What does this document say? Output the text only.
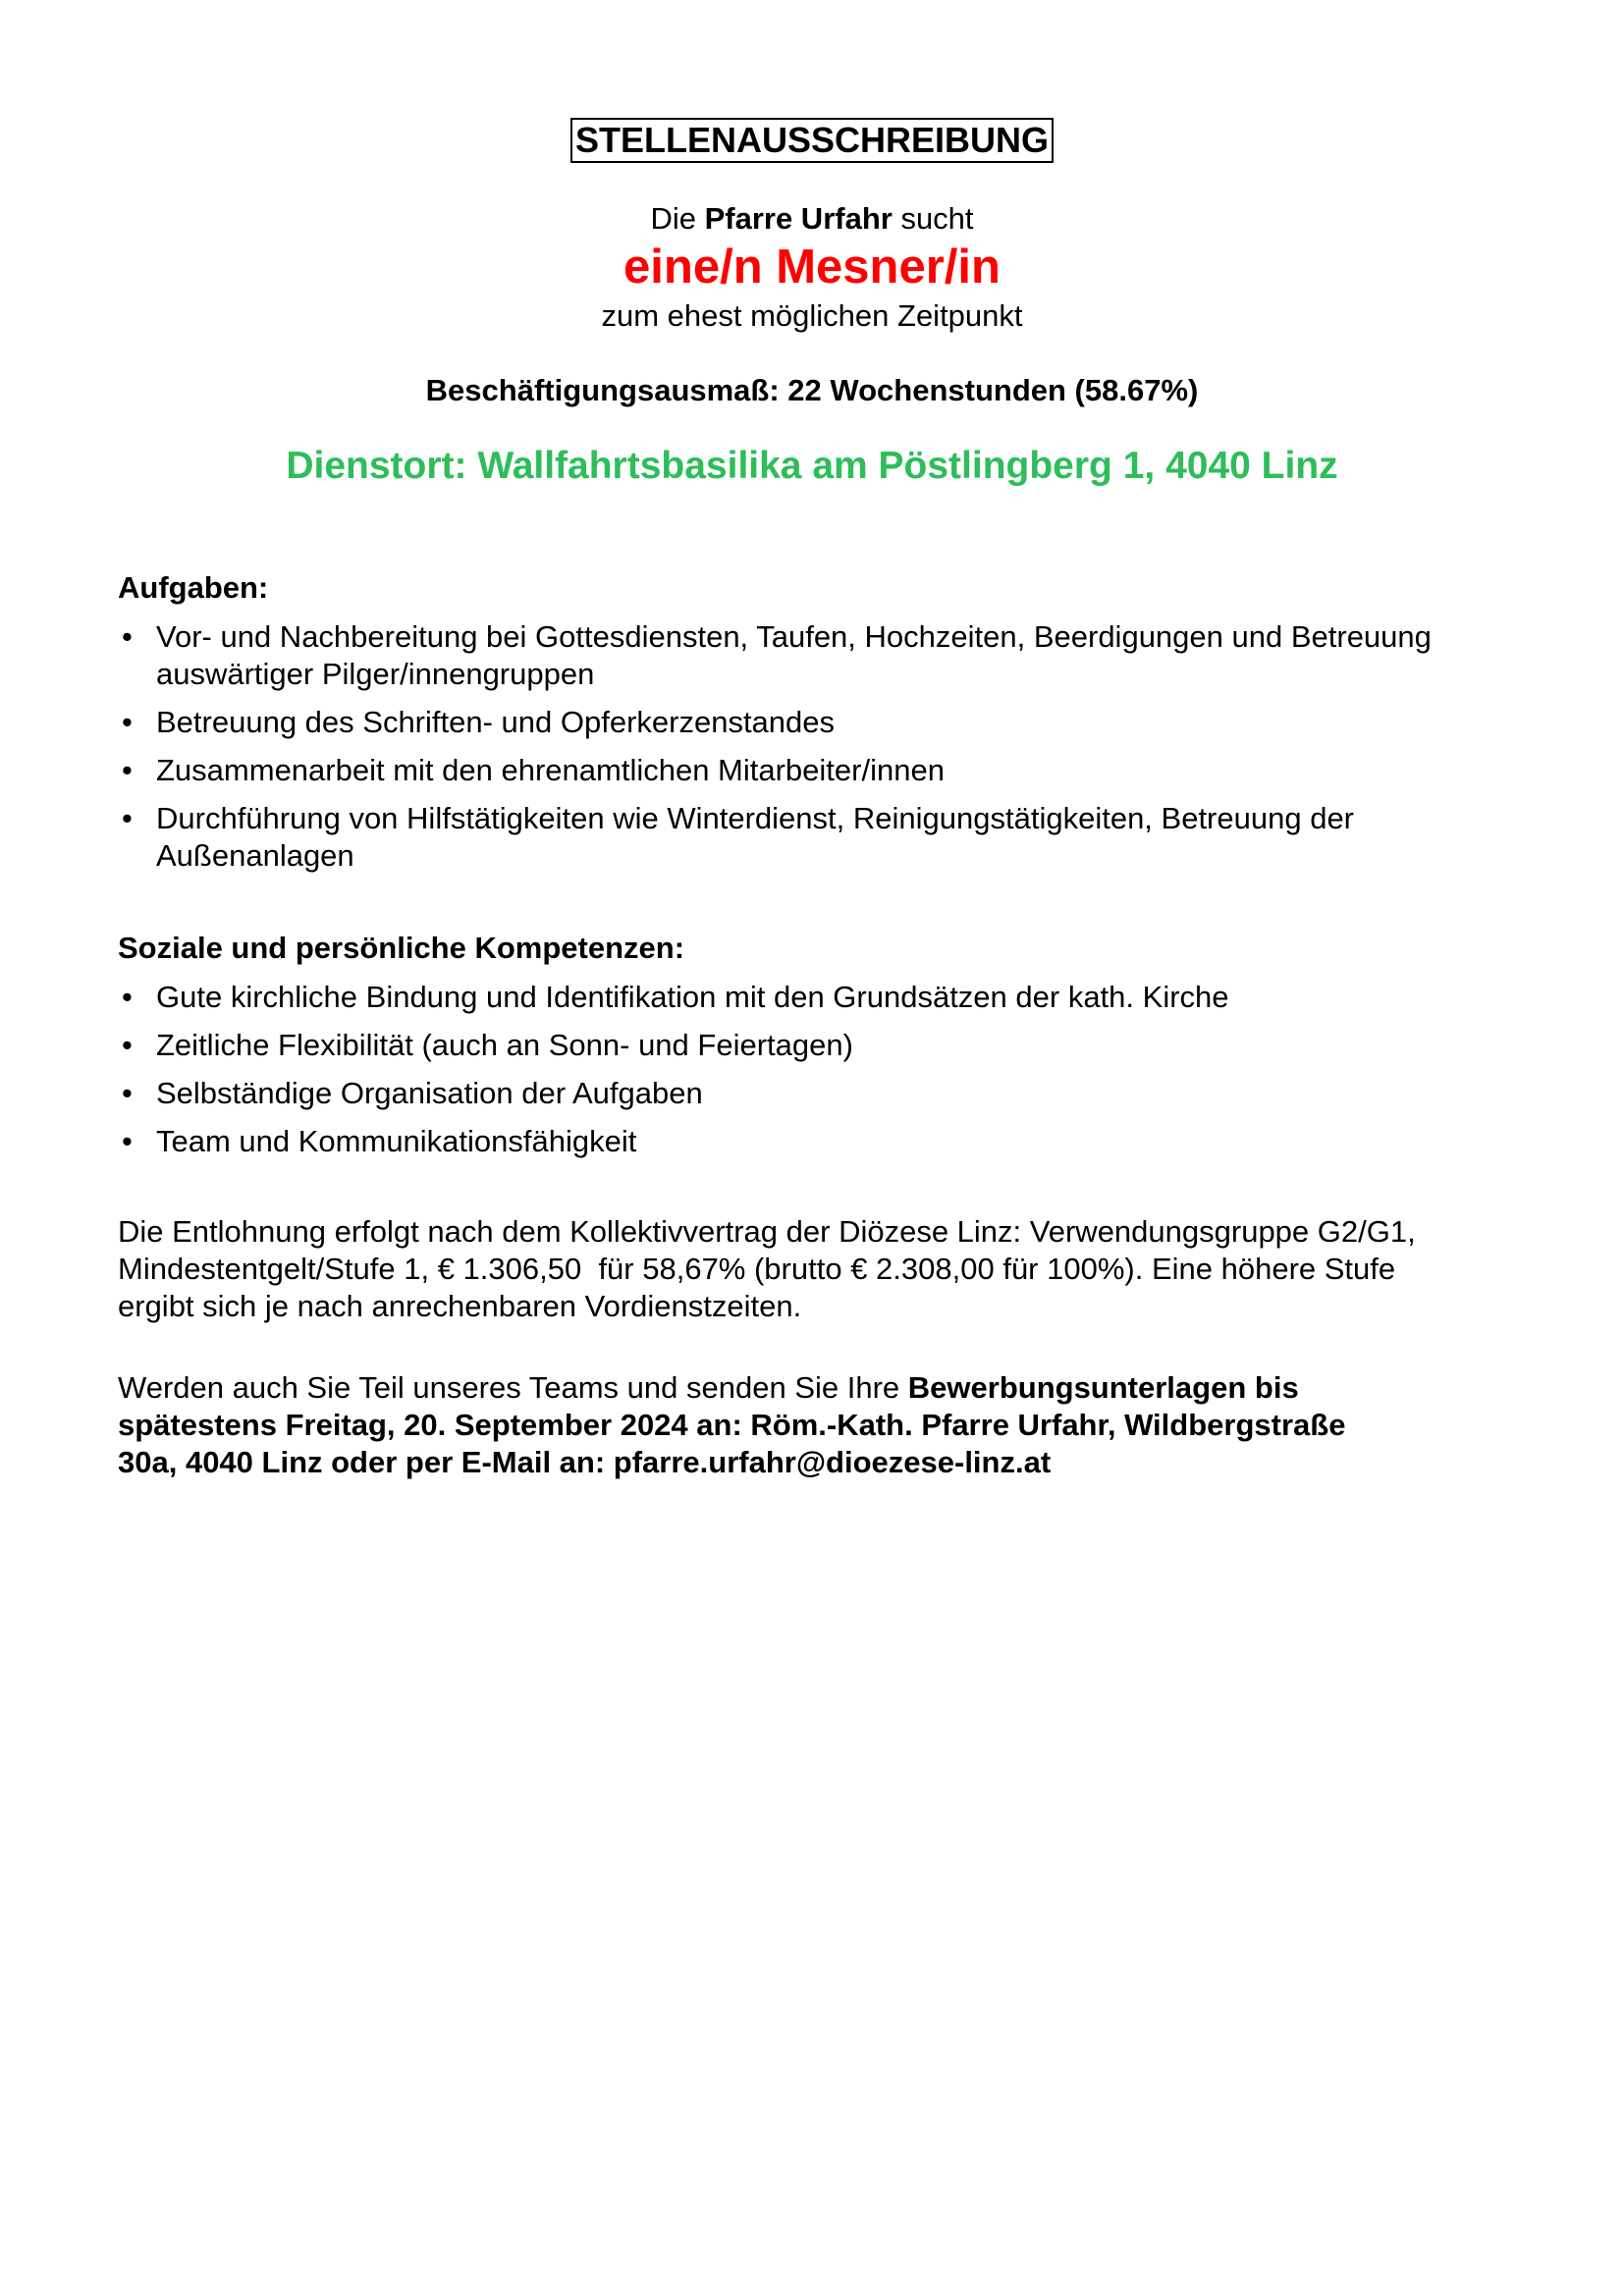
STELLENAUSSCHREIBUNG
Die Pfarre Urfahr sucht
eine/n Mesner/in
zum ehest möglichen Zeitpunkt
Beschäftigungsausmaß: 22 Wochenstunden (58.67%)
Dienstort: Wallfahrtsbasilika am Pöstlingberg 1, 4040 Linz

Aufgaben:

• Vor- und Nachbereitung bei Gottesdiensten, Taufen, Hochzeiten, Beerdigungen und Betreuung auswärtiger Pilger/innengruppen
• Betreuung des Schriften- und Opferkerzenstandes
• Zusammenarbeit mit den ehrenamtlichen Mitarbeiter/innen
• Durchführung von Hilfstätigkeiten wie Winterdienst, Reinigungstätigkeiten, Betreuung der Außenanlagen

Soziale und persönliche Kompetenzen:

• Gute kirchliche Bindung und Identifikation mit den Grundsätzen der kath. Kirche
• Zeitliche Flexibilität (auch an Sonn- und Feiertagen)
• Selbständige Organisation der Aufgaben
• Team und Kommunikationsfähigkeit

Die Entlohnung erfolgt nach dem Kollektivvertrag der Diözese Linz: Verwendungsgruppe G2/G1,

Mindestentgelt/Stufe 1, € 1.306,50  für 58,67% (brutto € 2.308,00 für 100%). Eine höhere Stufe

ergibt sich je nach anrechenbaren Vordienstzeiten.

Werden auch Sie Teil unseres Teams und senden Sie Ihre Bewerbungsunterlagen bis

spätestens Freitag, 20. September 2024 an: Röm.-Kath. Pfarre Urfahr, Wildbergstraße

30a, 4040 Linz oder per E-Mail an: pfarre.urfahr@dioezese-linz.at
